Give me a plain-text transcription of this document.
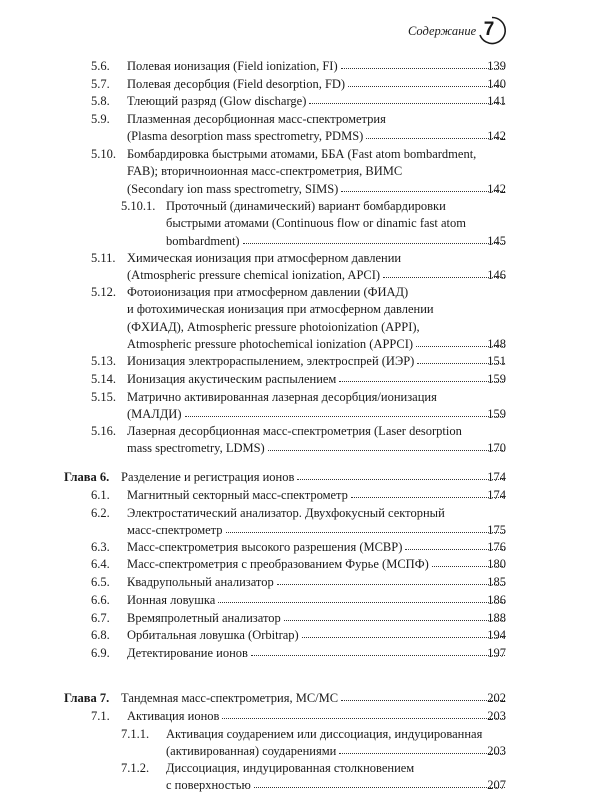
Содержание 7
5.6. Полевая ионизация (Field ionization, FI)	139
5.7. Полевая десорбция (Field desorption, FD)	140
5.8. Тлеющий разряд (Glow discharge)	141
5.9. Плазменная десорбционная масс-спектрометрия
(Plasma desorption mass spectrometry, PDMS)	142
5.10. Бомбардировка быстрыми атомами, ББА (Fast atom bombardment,
FAB); вторичноионная масс-спектрометрия, ВИМС
(Secondary ion mass spectrometry, SIMS)	142
5.10.1. Проточный (динамический) вариант бомбардировки
быстрыми атомами (Continuous flow or dinamic fast atom
bombardment)	145
5.11. Химическая ионизация при атмосферном давлении
(Atmospheric pressure chemical ionization, APCI)	146
5.12. Фотоионизация при атмосферном давлении (ФИАД)
и фотохимическая ионизация при атмосферном давлении
(ФХИАД), Atmospheric pressure photoionization (APPI),
Atmospheric pressure photochemical ionization (APPCI)	148
5.13. Ионизация электрораспылением, электроспрей (ИЭР)	151
5.14. Ионизация акустическим распылением	159
5.15. Матрично активированная лазерная десорбция/ионизация
(МАЛДИ)	159
5.16. Лазерная десорбционная масс-спектрометрия (Laser desorption
mass spectrometry, LDMS)	170
Глава 6. Разделение и регистрация ионов	174
6.1. Магнитный секторный масс-спектрометр	174
6.2. Электростатический анализатор. Двухфокусный секторный
масс-спектрометр	175
6.3. Масс-спектрометрия высокого разрешения (МСВР)	176
6.4. Масс-спектрометрия с преобразованием Фурье (МСПФ)	180
6.5. Квадрупольный анализатор	185
6.6. Ионная ловушка	186
6.7. Времяпролетный анализатор	188
6.8. Орбитальная ловушка (Orbitrap)	194
6.9. Детектирование ионов	197
Глава 7. Тандемная масс-спектрометрия, МС/МС	202
7.1. Активация ионов	203
7.1.1. Активация соударением или диссоциация, индуцированная
(активированная) соударениями	203
7.1.2. Диссоциация, индуцированная столкновением
с поверхностью	207
